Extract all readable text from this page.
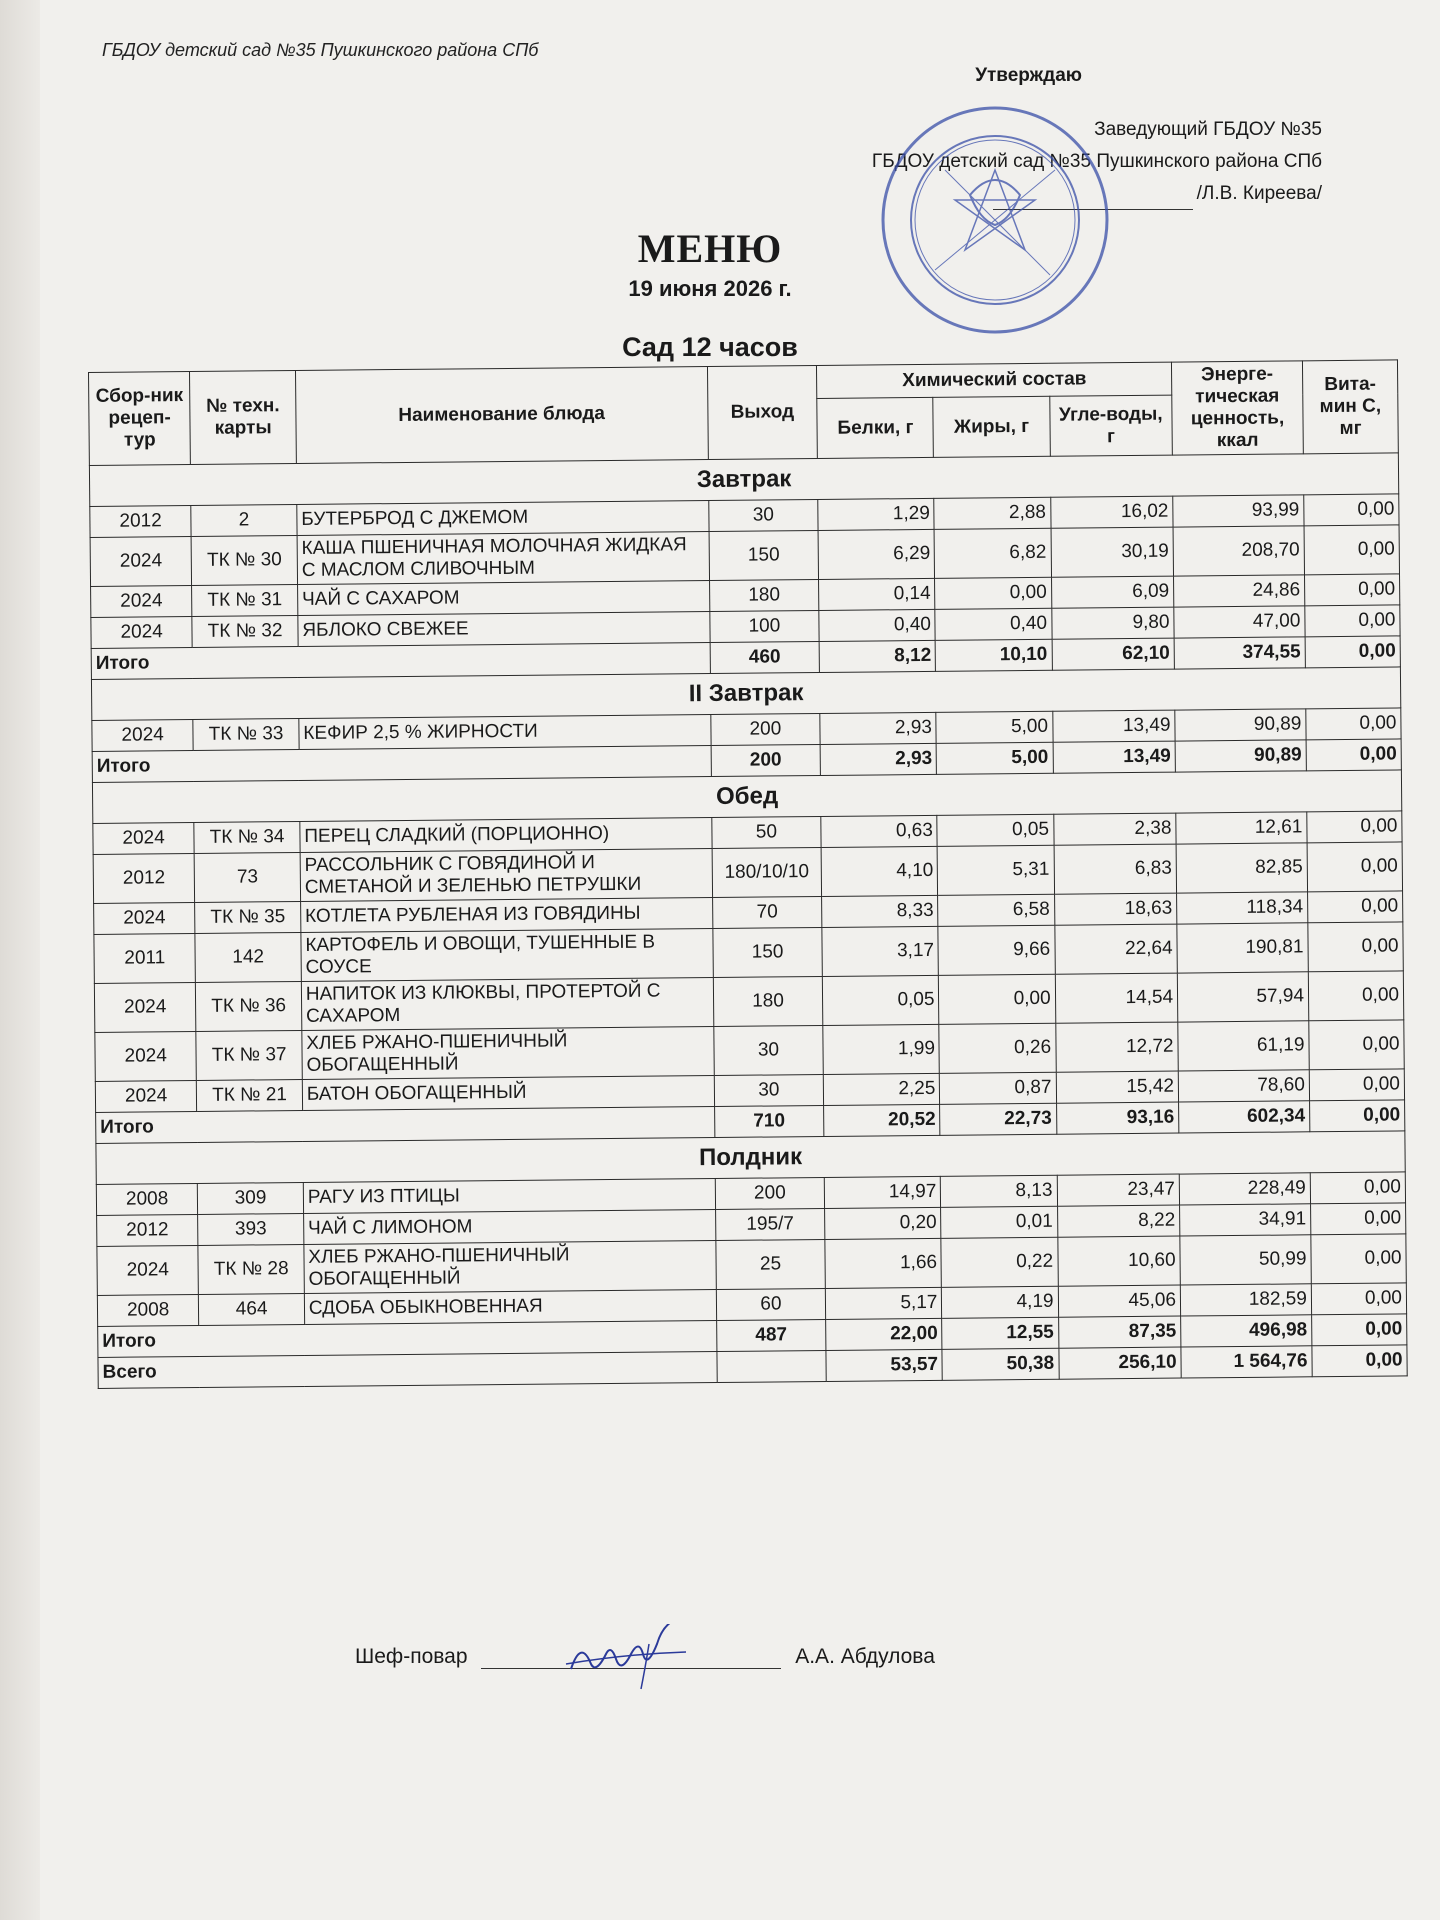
ГБДОУ детский сад №35 Пушкинского района СПб
Утверждаю
Заведующий ГБДОУ №35
ГБДОУ детский сад №35 Пушкинского района СПб
/Л.В. Киреева/
МЕНЮ
19 июня 2026 г.
Сад 12 часов
Сбор-ник рецеп-тур	№ техн. карты	Наименование блюда	Выход	Химический состав			Энерге-тическая ценность, ккал	Вита-мин С, мг
				Белки, г	Жиры, г	Угле-воды, г		
Завтрак								
2012	2	БУТЕРБРОД С ДЖЕМОМ	30	1,29	2,88	16,02	93,99	0,00
2024	ТК № 30	КАША ПШЕНИЧНАЯ МОЛОЧНАЯ ЖИДКАЯ С МАСЛОМ СЛИВОЧНЫМ	150	6,29	6,82	30,19	208,70	0,00
2024	ТК № 31	ЧАЙ С САХАРОМ	180	0,14	0,00	6,09	24,86	0,00
2024	ТК № 32	ЯБЛОКО СВЕЖЕЕ	100	0,40	0,40	9,80	47,00	0,00
Итого			460	8,12	10,10	62,10	374,55	0,00
II Завтрак								
2024	ТК № 33	КЕФИР 2,5 % ЖИРНОСТИ	200	2,93	5,00	13,49	90,89	0,00
Итого			200	2,93	5,00	13,49	90,89	0,00
Обед								
2024	ТК № 34	ПЕРЕЦ СЛАДКИЙ (ПОРЦИОННО)	50	0,63	0,05	2,38	12,61	0,00
2012	73	РАССОЛЬНИК С ГОВЯДИНОЙ И СМЕТАНОЙ И ЗЕЛЕНЬЮ ПЕТРУШКИ	180/10/10	4,10	5,31	6,83	82,85	0,00
2024	ТК № 35	КОТЛЕТА РУБЛЕНАЯ ИЗ ГОВЯДИНЫ	70	8,33	6,58	18,63	118,34	0,00
2011	142	КАРТОФЕЛЬ И ОВОЩИ, ТУШЕННЫЕ В СОУСЕ	150	3,17	9,66	22,64	190,81	0,00
2024	ТК № 36	НАПИТОК ИЗ КЛЮКВЫ, ПРОТЕРТОЙ С САХАРОМ	180	0,05	0,00	14,54	57,94	0,00
2024	ТК № 37	ХЛЕБ РЖАНО-ПШЕНИЧНЫЙ ОБОГАЩЕННЫЙ	30	1,99	0,26	12,72	61,19	0,00
2024	ТК № 21	БАТОН ОБОГАЩЕННЫЙ	30	2,25	0,87	15,42	78,60	0,00
Итого			710	20,52	22,73	93,16	602,34	0,00
Полдник								
2008	309	РАГУ ИЗ ПТИЦЫ	200	14,97	8,13	23,47	228,49	0,00
2012	393	ЧАЙ С ЛИМОНОМ	195/7	0,20	0,01	8,22	34,91	0,00
2024	ТК № 28	ХЛЕБ РЖАНО-ПШЕНИЧНЫЙ ОБОГАЩЕННЫЙ	25	1,66	0,22	10,60	50,99	0,00
2008	464	СДОБА ОБЫКНОВЕННАЯ	60	5,17	4,19	45,06	182,59	0,00
Итого			487	22,00	12,55	87,35	496,98	0,00
Всего				53,57	50,38	256,10	1 564,76	0,00
Шеф-повар	А.А. Абдулова
